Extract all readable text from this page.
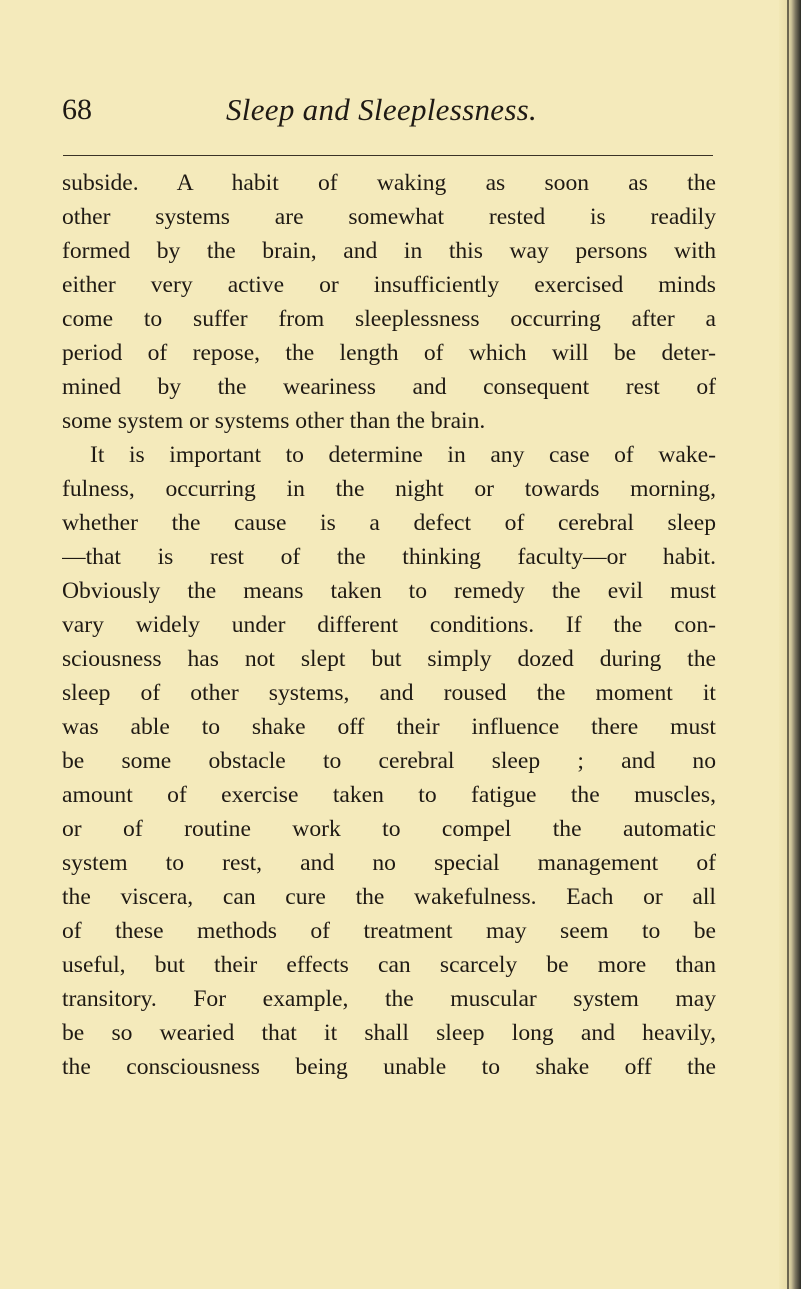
68	Sleep and Sleeplessness.
subside. A habit of waking as soon as the
other systems are somewhat rested is readily
formed by the brain, and in this way persons with
either very active or insufficiently exercised minds
come to suffer from sleeplessness occurring after a
period of repose, the length of which will be deter-
mined by the weariness and consequent rest of
some system or systems other than the brain.
It is important to determine in any case of wake-
fulness, occurring in the night or towards morning,
whether the cause is a defect of cerebral sleep
—that is rest of the thinking faculty—or habit.
Obviously the means taken to remedy the evil must
vary widely under different conditions. If the con-
sciousness has not slept but simply dozed during the
sleep of other systems, and roused the moment it
was able to shake off their influence there must
be some obstacle to cerebral sleep ; and no
amount of exercise taken to fatigue the muscles,
or of routine work to compel the automatic
system to rest, and no special management of
the viscera, can cure the wakefulness. Each or all
of these methods of treatment may seem to be
useful, but their effects can scarcely be more than
transitory. For example, the muscular system may
be so wearied that it shall sleep long and heavily,
the consciousness being unable to shake off the
